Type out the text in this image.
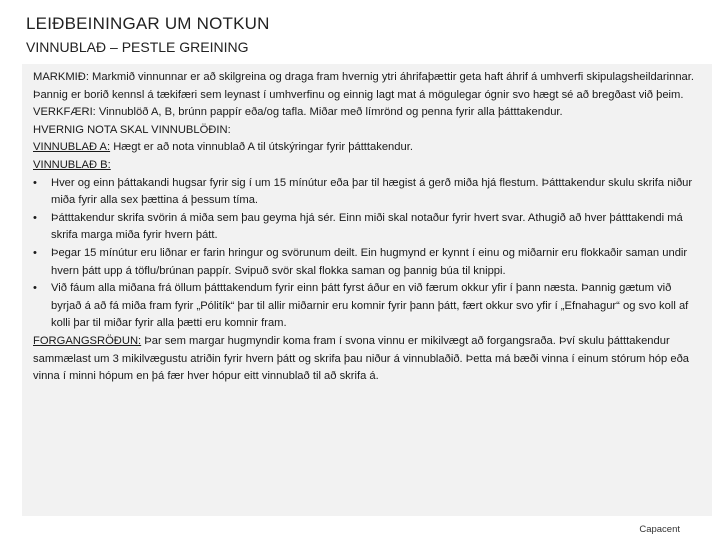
LEIÐBEININGAR UM NOTKUN
VINNUBLAÐ – PESTLE GREINING

MARKMIÐ: Markmið vinnunnar er að skilgreina og draga fram hvernig ytri áhrifaþættir geta haft áhrif á umhverfi skipulagsheildarinnar. Þannig er borið kennsl á tækifæri sem leynast í umhverfinu og einnig lagt mat á mögulegar ógnir svo hægt sé að bregðast við þeim.

VERKFÆRI: Vinnublöð A, B, brúnn pappír eða/og tafla. Miðar með límrönd og penna fyrir alla þátttakendur.

HVERNIG NOTA SKAL VINNUBLÖÐIN:

VINNUBLAÐ A: Hægt er að nota vinnublað A til útskýringar fyrir þátttakendur.

VINNUBLAÐ B:

• Hver og einn þáttakandi hugsar fyrir sig í um 15 mínútur eða þar til hægist á gerð miða hjá flestum. Þátttakendur skulu skrifa niður miða fyrir alla sex þættina á þessum tíma.

• Þátttakendur skrifa svörin á miða sem þau geyma hjá sér. Einn miði skal notaður fyrir hvert svar. Athugið að hver þátttakendi má skrifa marga miða fyrir hvern þátt.

• Þegar 15 mínútur eru liðnar er farin hringur og svörunum deilt. Ein hugmynd er kynnt í einu og miðarnir eru flokkaðir saman undir hvern þátt upp á töflu/brúnan pappír. Svipuð svör skal flokka saman og þannig búa til knippi.

• Við fáum alla miðana frá öllum þátttakendum fyrir einn þátt fyrst áður en við færum okkur yfir í þann næsta. Þannig gætum við byrjað á að fá miða fram fyrir „Pólitík“ þar til allir miðarnir eru komnir fyrir þann þátt, fært okkur svo yfir í „Efnahagur“ og svo koll af kolli þar til miðar fyrir alla þætti eru komnir fram.

FORGANGSRÖÐUN: Þar sem margar hugmyndir koma fram í svona vinnu er mikilvægt að forgangsraða. Því skulu þátttakendur sammælast um 3 mikilvægustu atriðin fyrir hvern þátt og skrifa þau niður á vinnublaðið. Þetta má bæði vinna í einum stórum hóp eða vinna í minni hópum en þá fær hver hópur eitt vinnublað til að skrifa á.

Capacent
